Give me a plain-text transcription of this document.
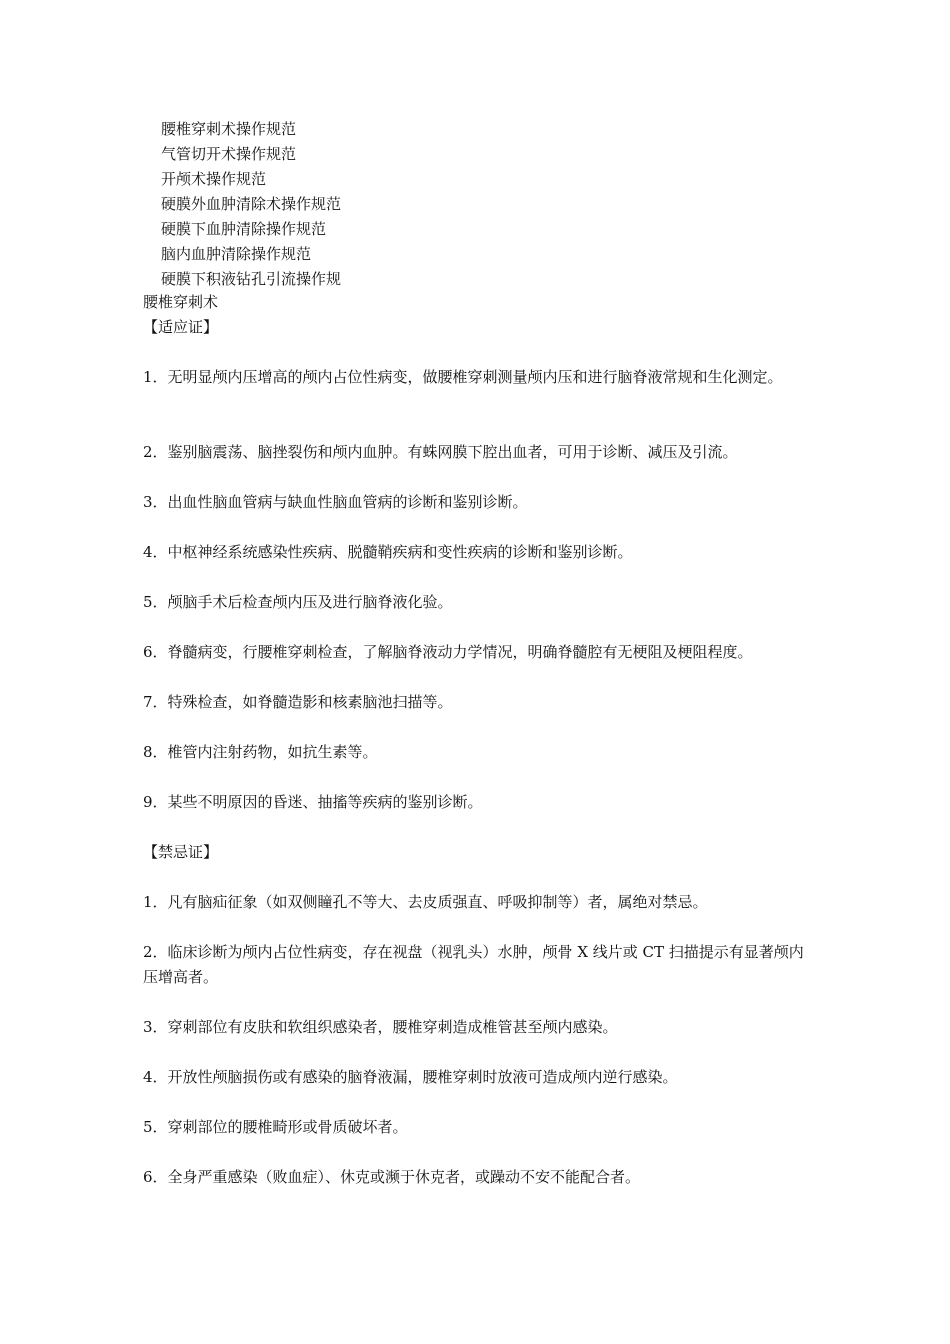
腰椎穿刺术操作规范
气管切开术操作规范
开颅术操作规范
硬膜外血肿清除术操作规范
硬膜下血肿清除操作规范
脑内血肿清除操作规范
硬膜下积液钻孔引流操作规
腰椎穿刺术
【适应证】
1．无明显颅内压增高的颅内占位性病变，做腰椎穿刺测量颅内压和进行脑脊液常规和生化测定。
2．鉴别脑震荡、脑挫裂伤和颅内血肿。有蛛网膜下腔出血者，可用于诊断、减压及引流。
3．出血性脑血管病与缺血性脑血管病的诊断和鉴别诊断。
4．中枢神经系统感染性疾病、脱髓鞘疾病和变性疾病的诊断和鉴别诊断。
5．颅脑手术后检查颅内压及进行脑脊液化验。
6．脊髓病变，行腰椎穿刺检查，了解脑脊液动力学情况，明确脊髓腔有无梗阻及梗阻程度。
7．特殊检查，如脊髓造影和核素脑池扫描等。
8．椎管内注射药物，如抗生素等。
9．某些不明原因的昏迷、抽搐等疾病的鉴别诊断。
【禁忌证】
1．凡有脑疝征象（如双侧瞳孔不等大、去皮质强直、呼吸抑制等）者，属绝对禁忌。
2．临床诊断为颅内占位性病变，存在视盘（视乳头）水肿，颅骨 X 线片或 CT 扫描提示有显著颅内压增高者。
3．穿刺部位有皮肤和软组织感染者，腰椎穿刺造成椎管甚至颅内感染。
4．开放性颅脑损伤或有感染的脑脊液漏，腰椎穿刺时放液可造成颅内逆行感染。
5．穿刺部位的腰椎畸形或骨质破坏者。
6．全身严重感染（败血症）、休克或濒于休克者，或躁动不安不能配合者。
